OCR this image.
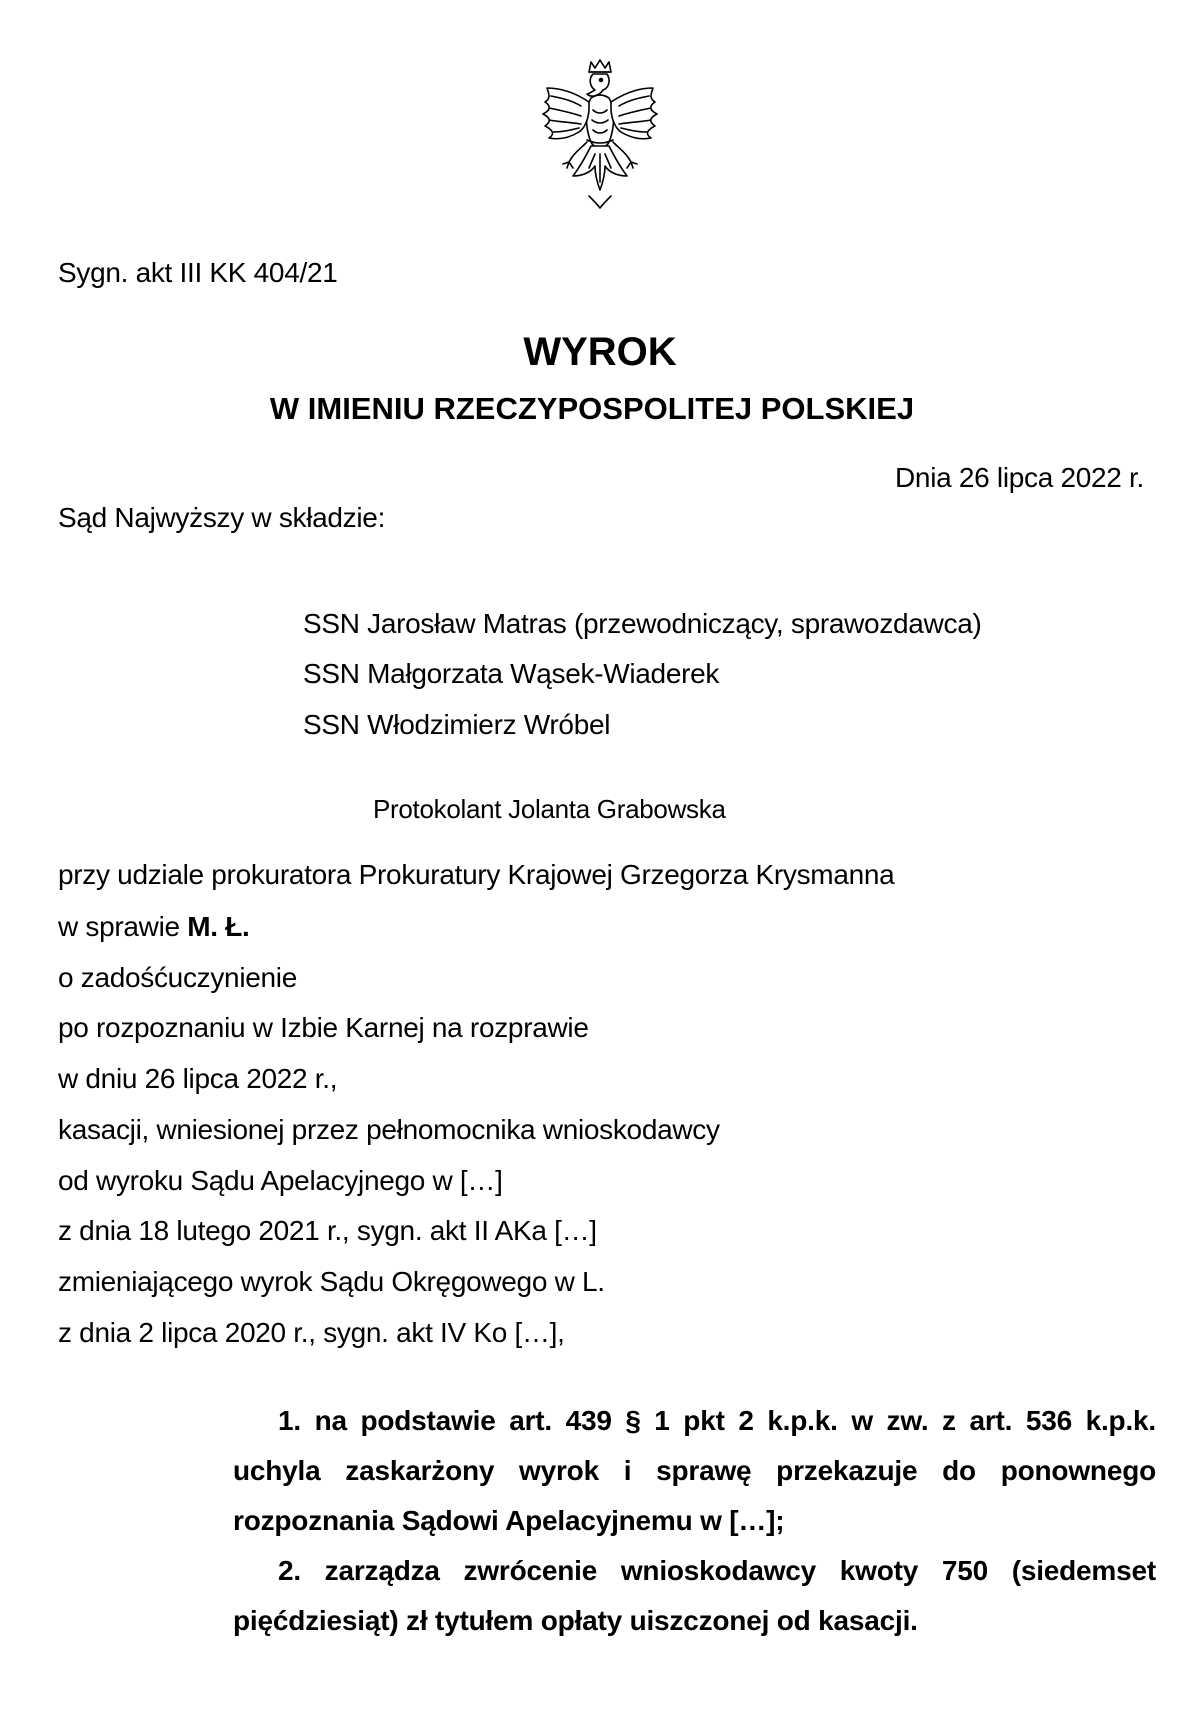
Sygn. akt III KK 404/21
WYROK
W IMIENIU RZECZYPOSPOLITEJ POLSKIEJ
Dnia 26 lipca 2022 r.
Sąd Najwyższy w składzie:
SSN Jarosław Matras (przewodniczący, sprawozdawca)
SSN Małgorzata Wąsek-Wiaderek
SSN Włodzimierz Wróbel
Protokolant Jolanta Grabowska
przy udziale prokuratora Prokuratury Krajowej Grzegorza Krysmanna
w sprawie M. Ł.
o zadośćuczynienie
po rozpoznaniu w Izbie Karnej na rozprawie
w dniu 26 lipca 2022 r.,
kasacji, wniesionej przez pełnomocnika wnioskodawcy
od wyroku Sądu Apelacyjnego w […]
z dnia 18 lutego 2021 r., sygn. akt II AKa […]
zmieniającego wyrok Sądu Okręgowego w L.
z dnia 2 lipca 2020 r., sygn. akt IV Ko […],

1. na podstawie art. 439 § 1 pkt 2 k.p.k. w zw. z art. 536 k.p.k. uchyla zaskarżony wyrok i sprawę przekazuje do ponownego rozpoznania Sądowi Apelacyjnemu w […];

2. zarządza zwrócenie wnioskodawcy kwoty 750 (siedemset pięćdziesiąt) zł tytułem opłaty uiszczonej od kasacji.
